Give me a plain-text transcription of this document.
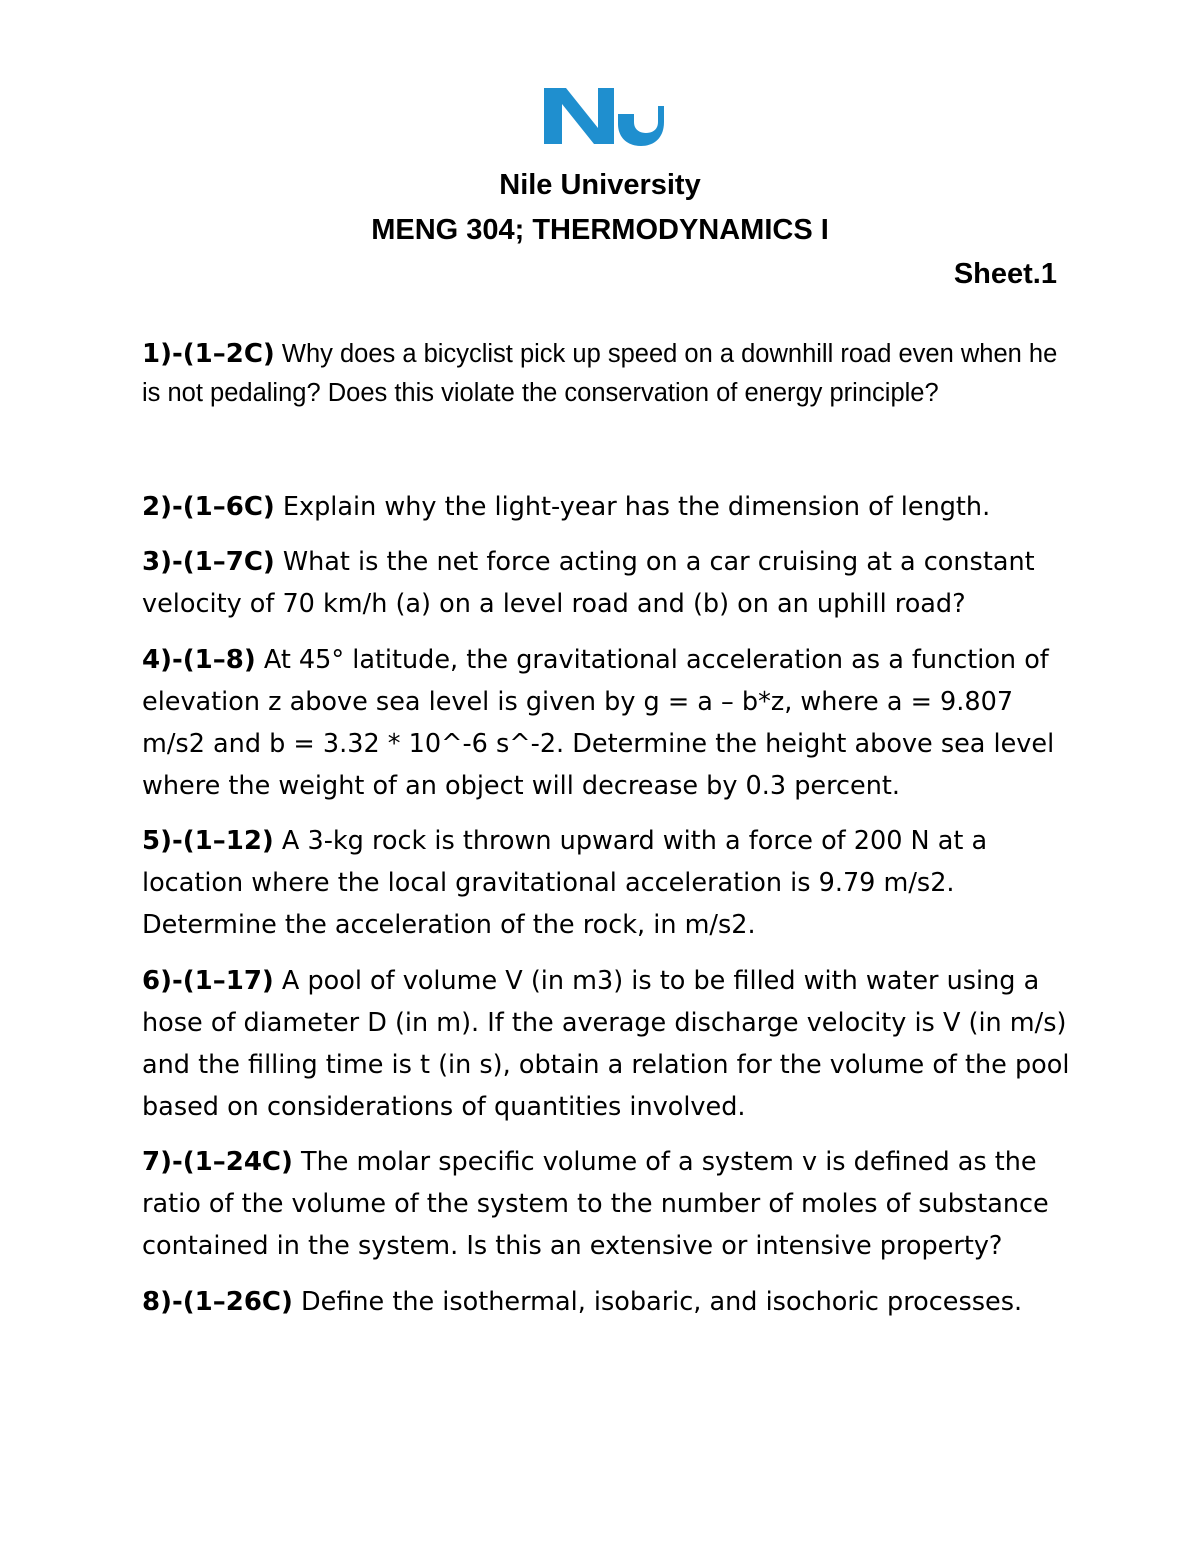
Nile University
MENG 304; THERMODYNAMICS I
Sheet.1
1)-(1–2C) Why does a bicyclist pick up speed on a downhill road even when he is not pedaling? Does this violate the conservation of energy principle?
2)-(1–6C) Explain why the light-year has the dimension of length.
3)-(1–7C) What is the net force acting on a car cruising at a constant velocity of 70 km/h (a) on a level road and (b) on an uphill road?
4)-(1–8) At 45° latitude, the gravitational acceleration as a function of elevation z above sea level is given by g = a – b*z, where a = 9.807 m/s2 and b = 3.32 * 10^-6 s^-2. Determine the height above sea level where the weight of an object will decrease by 0.3 percent.
5)-(1–12) A 3-kg rock is thrown upward with a force of 200 N at a location where the local gravitational acceleration is 9.79 m/s2. Determine the acceleration of the rock, in m/s2.
6)-(1–17) A pool of volume V (in m3) is to be filled with water using a hose of diameter D (in m). If the average discharge velocity is V (in m/s) and the filling time is t (in s), obtain a relation for the volume of the pool based on considerations of quantities involved.
7)-(1–24C) The molar specific volume of a system v is defined as the ratio of the volume of the system to the number of moles of substance contained in the system. Is this an extensive or intensive property?
8)-(1–26C) Define the isothermal, isobaric, and isochoric processes.
